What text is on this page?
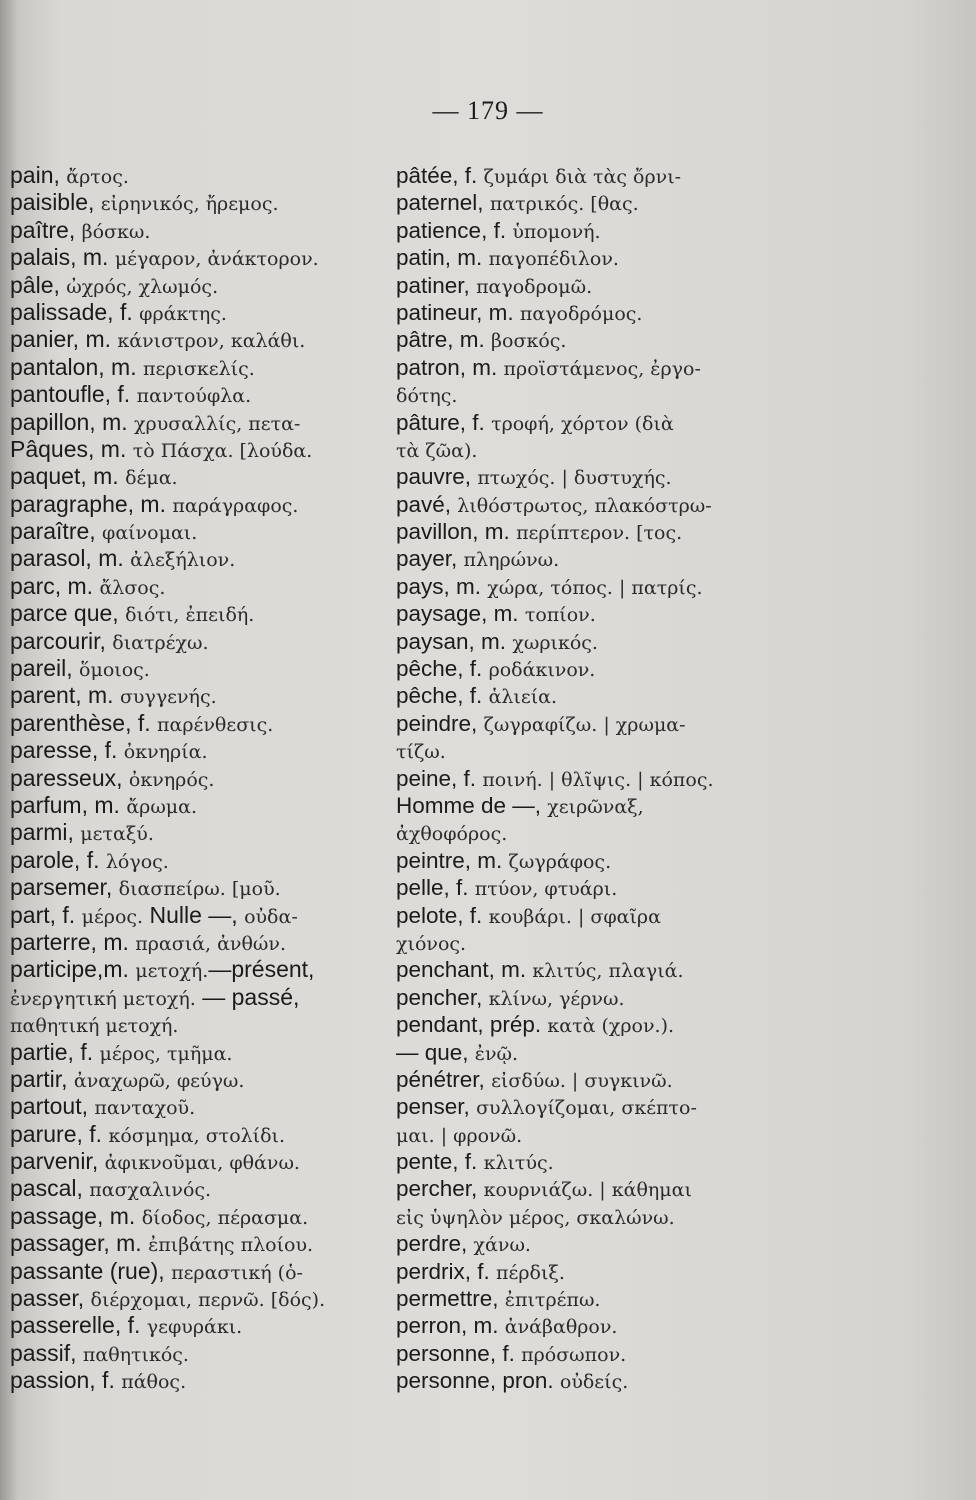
— 179 —
pain, ἄρτος.
paisible, εἰρηνικός, ἤρεμος.
paître, βόσκω.
palais, m. μέγαρον, ἀνάκτορον.
pâle, ὠχρός, χλωμός.
palissade, f. φράκτης.
panier, m. κάνιστρον, καλάθι.
pantalon, m. περισκελίς.
pantoufle, f. παντούφλα.
papillon, m. χρυσαλλίς, πετα-
Pâques, m. τὸ Πάσχα. [λούδα.
paquet, m. δέμα.
paragraphe, m. παράγραφος.
paraître, φαίνομαι.
parasol, m. ἀλεξήλιον.
parc, m. ἄλσος.
parce que, διότι, ἐπειδή.
parcourir, διατρέχω.
pareil, ὅμοιος.
parent, m. συγγενής.
parenthèse, f. παρένθεσις.
paresse, f. ὀκνηρία.
paresseux, ὀκνηρός.
parfum, m. ἄρωμα.
parmi, μεταξύ.
parole, f. λόγος.
parsemer, διασπείρω. [μοῦ.
part, f. μέρος. Nulle —, οὐδα-
parterre, m. πρασιά, ἀνθών.
participe,m. μετοχή.—présent,
ἐνεργητική μετοχή. — passé,
παθητική μετοχή.
partie, f. μέρος, τμῆμα.
partir, ἀναχωρῶ, φεύγω.
partout, πανταχοῦ.
parure, f. κόσμημα, στολίδι.
parvenir, ἀφικνοῦμαι, φθάνω.
pascal, πασχαλινός.
passage, m. δίοδος, πέρασμα.
passager, m. ἐπιβάτης πλοίου.
passante (rue), περαστική (ὁ-
passer, διέρχομαι, περνῶ. [δός).
passerelle, f. γεφυράκι.
passif, παθητικός.
passion, f. πάθος.
pâtée, f. ζυμάρι διὰ τὰς ὄρνι-
paternel, πατρικός. [θας.
patience, f. ὑπομονή.
patin, m. παγοπέδιλον.
patiner, παγοδρομῶ.
patineur, m. παγοδρόμος.
pâtre, m. βοσκός.
patron, m. προϊστάμενος, ἐργο-
δότης.
pâture, f. τροφή, χόρτον (διὰ
τὰ ζῶα).
pauvre, πτωχός. | δυστυχής.
pavé, λιθόστρωτος, πλακόστρω-
pavillon, m. περίπτερον. [τος.
payer, πληρώνω.
pays, m. χώρα, τόπος. | πατρίς.
paysage, m. τοπίον.
paysan, m. χωρικός.
pêche, f. ροδάκινον.
pêche, f. ἁλιεία.
peindre, ζωγραφίζω. | χρωμα-
τίζω.
peine, f. ποινή. | θλῖψις. | κόπος.
Homme de —, χειρῶναξ,
ἀχθοφόρος.
peintre, m. ζωγράφος.
pelle, f. πτύον, φτυάρι.
pelote, f. κουβάρι. | σφαῖρα
χιόνος.
penchant, m. κλιτύς, πλαγιά.
pencher, κλίνω, γέρνω.
pendant, prép. κατὰ (χρον.).
— que, ἐνῷ.
pénétrer, εἰσδύω. | συγκινῶ.
penser, συλλογίζομαι, σκέπτο-
μαι. | φρονῶ.
pente, f. κλιτύς.
percher, κουρνιάζω. | κάθημαι
εἰς ὑψηλὸν μέρος, σκαλώνω.
perdre, χάνω.
perdrix, f. πέρδιξ.
permettre, ἐπιτρέπω.
perron, m. ἀνάβαθρον.
personne, f. πρόσωπον.
personne, pron. οὐδείς.
